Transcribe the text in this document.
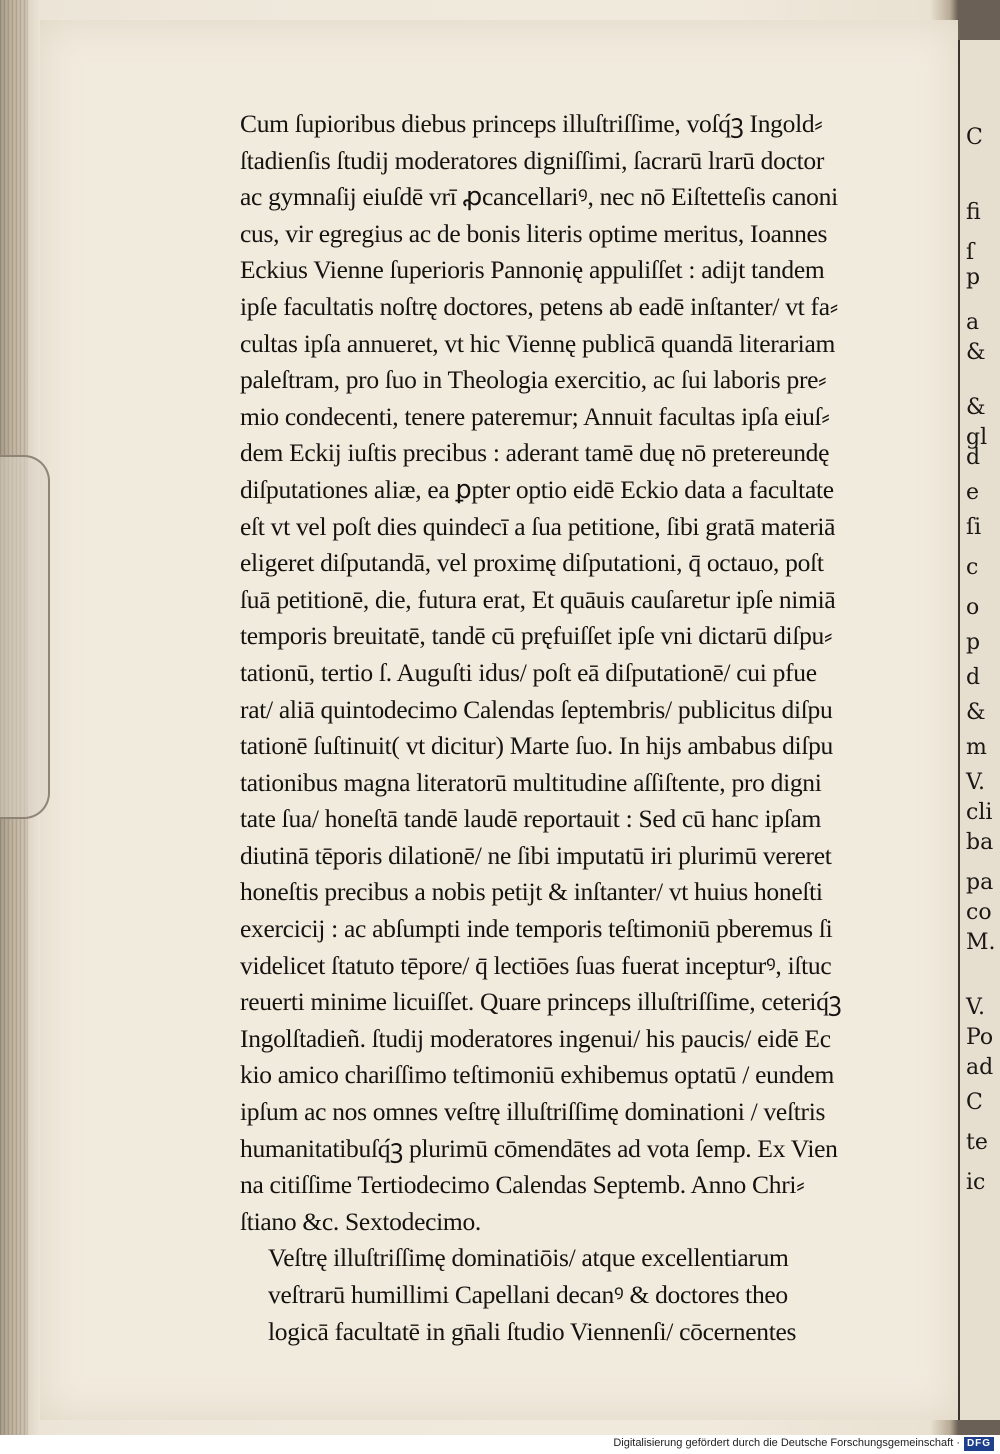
C
fi
ſ
p
a
&
&
gl
d
e
ſi
c
o
p
d
&
m
V.
cli
ba
pa
co
M.
V.
Po
ad
C
te
ic
Cum ſupioribus diebus princeps illuſtriſſime, voſq́ꝫ Ingold⸗
ſtadienſis ſtudij moderatores digniſſimi, ſacrarū lrarū doctor
ac gymnaſij eiuſdē vrī ꝓcancellariꝰ, nec nō Eiſtetteſis canoni
cus, vir egregius ac de bonis literis optime meritus, Ioannes
Eckius Vienne ſuperioris Pannonię appuliſſet : adijt tandem
ipſe facultatis noſtrę doctores, petens ab eadē inſtanter/ vt fa⸗
cultas ipſa annueret, vt hic Viennę publicā quandā literariam
paleſtram, pro ſuo in Theologia exercitio, ac ſui laboris pre⸗
mio condecenti, tenere pateremur; Annuit facultas ipſa eiuſ⸗
dem Eckij iuſtis precibus : aderant tamē duę nō pretereundę
diſputationes aliæ, ea ꝑpter optio eidē Eckio data a facultate
eſt vt vel poſt dies quindecī a ſua petitione, ſibi gratā materiā
eligeret diſputandā, vel proximę diſputationi, q̄ octauo, poſt
ſuā petitionē, die, futura erat, Et quāuis cauſaretur ipſe nimiā
temporis breuitatē, tandē cū pręfuiſſet ipſe vni dictarū diſpu⸗
tationū, tertio ſ. Auguſti idus/ poſt eā diſputationē/ cui pfue
rat/ aliā quintodecimo Calendas ſeptembris/ publicitus diſpu
tationē ſuſtinuit( vt dicitur) Marte ſuo. In hijs ambabus diſpu
tationibus magna literatorū multitudine aſſiſtente, pro digni
tate ſua/ honeſtā tandē laudē reportauit : Sed cū hanc ipſam
diutinā tēporis dilationē/ ne ſibi imputatū iri plurimū vereret
honeſtis precibus a nobis petijt & inſtanter/ vt huius honeſti
exercicij : ac abſumpti inde temporis teſtimoniū pberemus ſi
videlicet ſtatuto tēpore/ q̄ lectiōes ſuas fuerat incepturꝰ, iſtuc
reuerti minime licuiſſet. Quare princeps illuſtriſſime, ceteriq́ꝫ
Ingolſtadieñ. ſtudij moderatores ingenui/ his paucis/ eidē Ec
kio amico chariſſimo teſtimoniū exhibemus optatū / eundem
ipſum ac nos omnes veſtrę illuſtriſſimę dominationi / veſtris
humanitatibuſq́ꝫ plurimū cōmendātes ad vota ſemp. Ex Vien
na citiſſime Tertiodecimo Calendas Septemb. Anno Chri⸗
ſtiano &c. Sextodecimo.
Veſtrę illuſtriſſimę dominatiōis/ atque excellentiarum
veſtrarū humillimi Capellani decanꝰ & doctores theo
logicā facultatē in gn̄ali ſtudio Viennenſi/ cōcernentes
Digitalisierung gefördert durch die Deutsche Forschungsgemeinschaft · DFG
